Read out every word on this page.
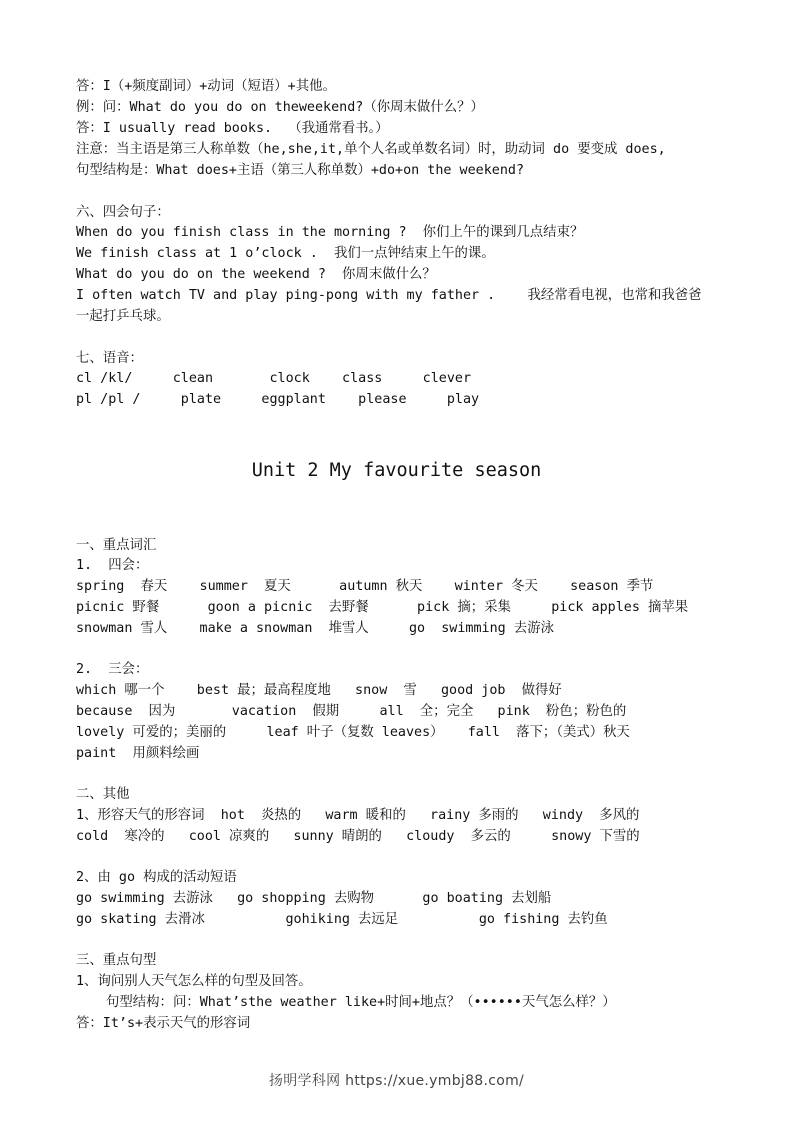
答：I（+频度副词）+动词（短语）+其他。
例：问：What do you do on theweekend?（你周末做什么？）
答：I usually read books.  （我通常看书。）
注意：当主语是第三人称单数（he,she,it,单个人名或单数名词）时，助动词 do 要变成 does,
句型结构是：What does+主语（第三人称单数）+do+on the weekend?
六、四会句子：
When do you finish class in the morning ?  你们上午的课到几点结束？
We finish class at 1 o’clock .  我们一点钟结束上午的课。
What do you do on the weekend ?  你周末做什么？
I often watch TV and play ping-pong with my father .    我经常看电视，也常和我爸爸
一起打乒乓球。
七、语音：
cl /kl/     clean       clock    class     clever
pl /pl /     plate     eggplant    please     play
Unit 2 My favourite season
一、重点词汇
1.  四会：
spring  春天    summer  夏天      autumn 秋天    winter 冬天    season 季节
picnic 野餐      goon a picnic  去野餐      pick 摘；采集     pick apples 摘苹果
snowman 雪人    make a snowman  堆雪人     go  swimming 去游泳
2.  三会：
which 哪一个    best 最；最高程度地   snow  雪   good job  做得好
because  因为       vacation  假期     all  全；完全   pink  粉色；粉色的
lovely 可爱的；美丽的     leaf 叶子（复数 leaves）   fall  落下；（美式）秋天
paint  用颜料绘画
二、其他
1、形容天气的形容词  hot  炎热的   warm 暖和的   rainy 多雨的   windy  多风的
cold  寒冷的   cool 凉爽的   sunny 晴朗的   cloudy  多云的     snowy 下雪的
2、由 go 构成的活动短语
go swimming 去游泳   go shopping 去购物      go boating 去划船
go skating 去滑冰          gohiking 去远足          go fishing 去钓鱼
三、重点句型
1、询问别人天气怎么样的句型及回答。
句型结构：问：What’sthe weather like+时间+地点？（••••••天气怎么样？）
答：It’s+表示天气的形容词
扬明学科网 https://xue.ymbj88.com/
